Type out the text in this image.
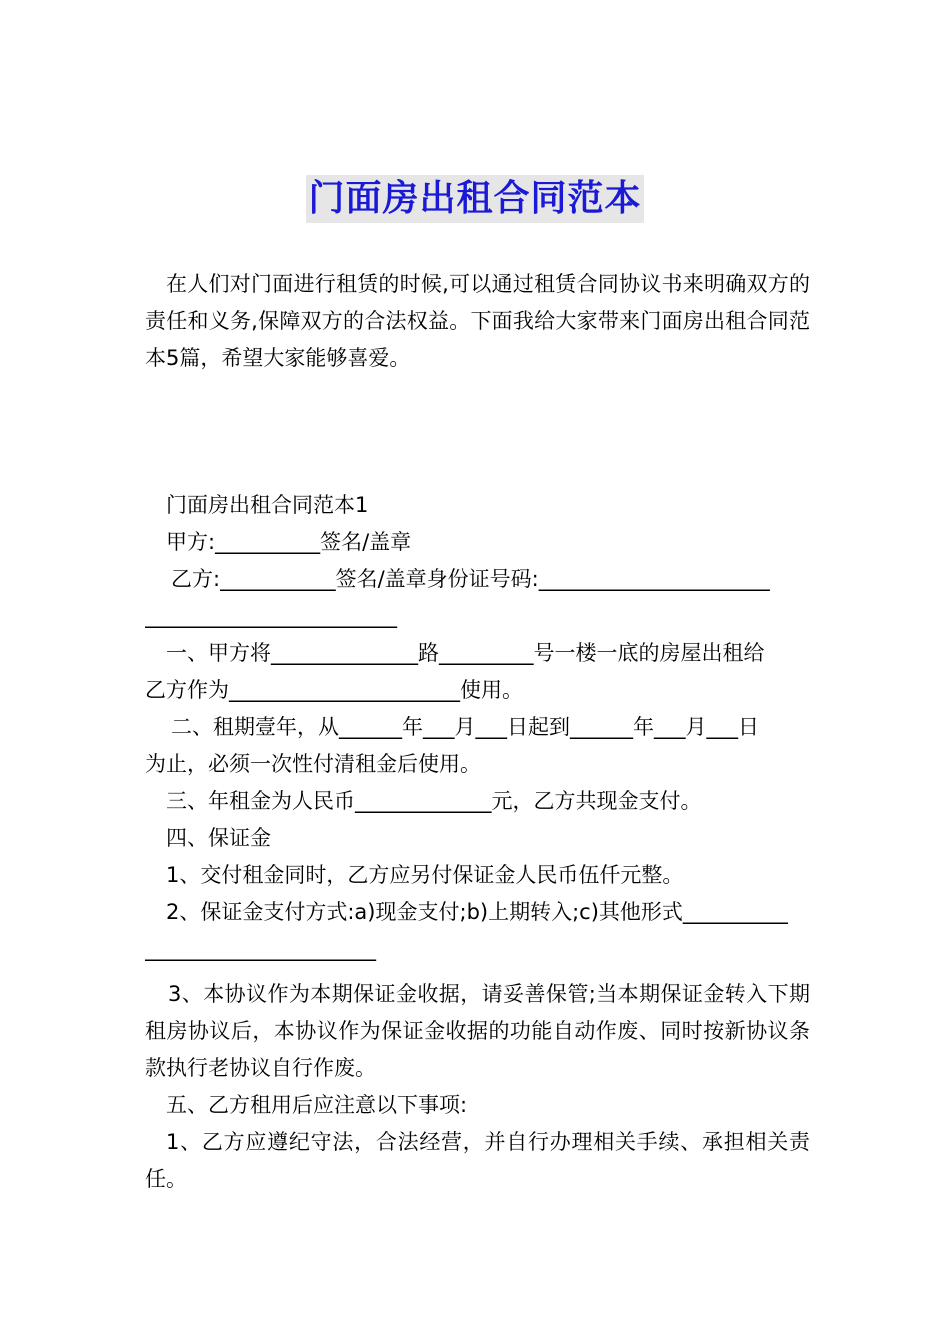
门面房出租合同范本

在人们对门面进行租赁的时候,可以通过租赁合同协议书来明确双方的责任和义务,保障双方的合法权益。下面我给大家带来门面房出租合同范本5篇，希望大家能够喜爱。

门面房出租合同范本1

甲方:__________签名/盖章

乙方:___________签名/盖章身份证号码:______________________

________________________

一、甲方将______________路_________号一楼一底的房屋出租给

乙方作为______________________使用。

二、租期壹年，从______年___月___日起到______年___月___日

为止，必须一次性付清租金后使用。

三、年租金为人民币_____________元，乙方共现金支付。

四、保证金

1、交付租金同时，乙方应另付保证金人民币伍仟元整。

2、保证金支付方式:a)现金支付;b)上期转入;c)其他形式__________

______________________

3、本协议作为本期保证金收据，请妥善保管;当本期保证金转入下期租房协议后，本协议作为保证金收据的功能自动作废、同时按新协议条款执行老协议自行作废。

五、乙方租用后应注意以下事项:

1、乙方应遵纪守法，合法经营，并自行办理相关手续、承担相关责任。
